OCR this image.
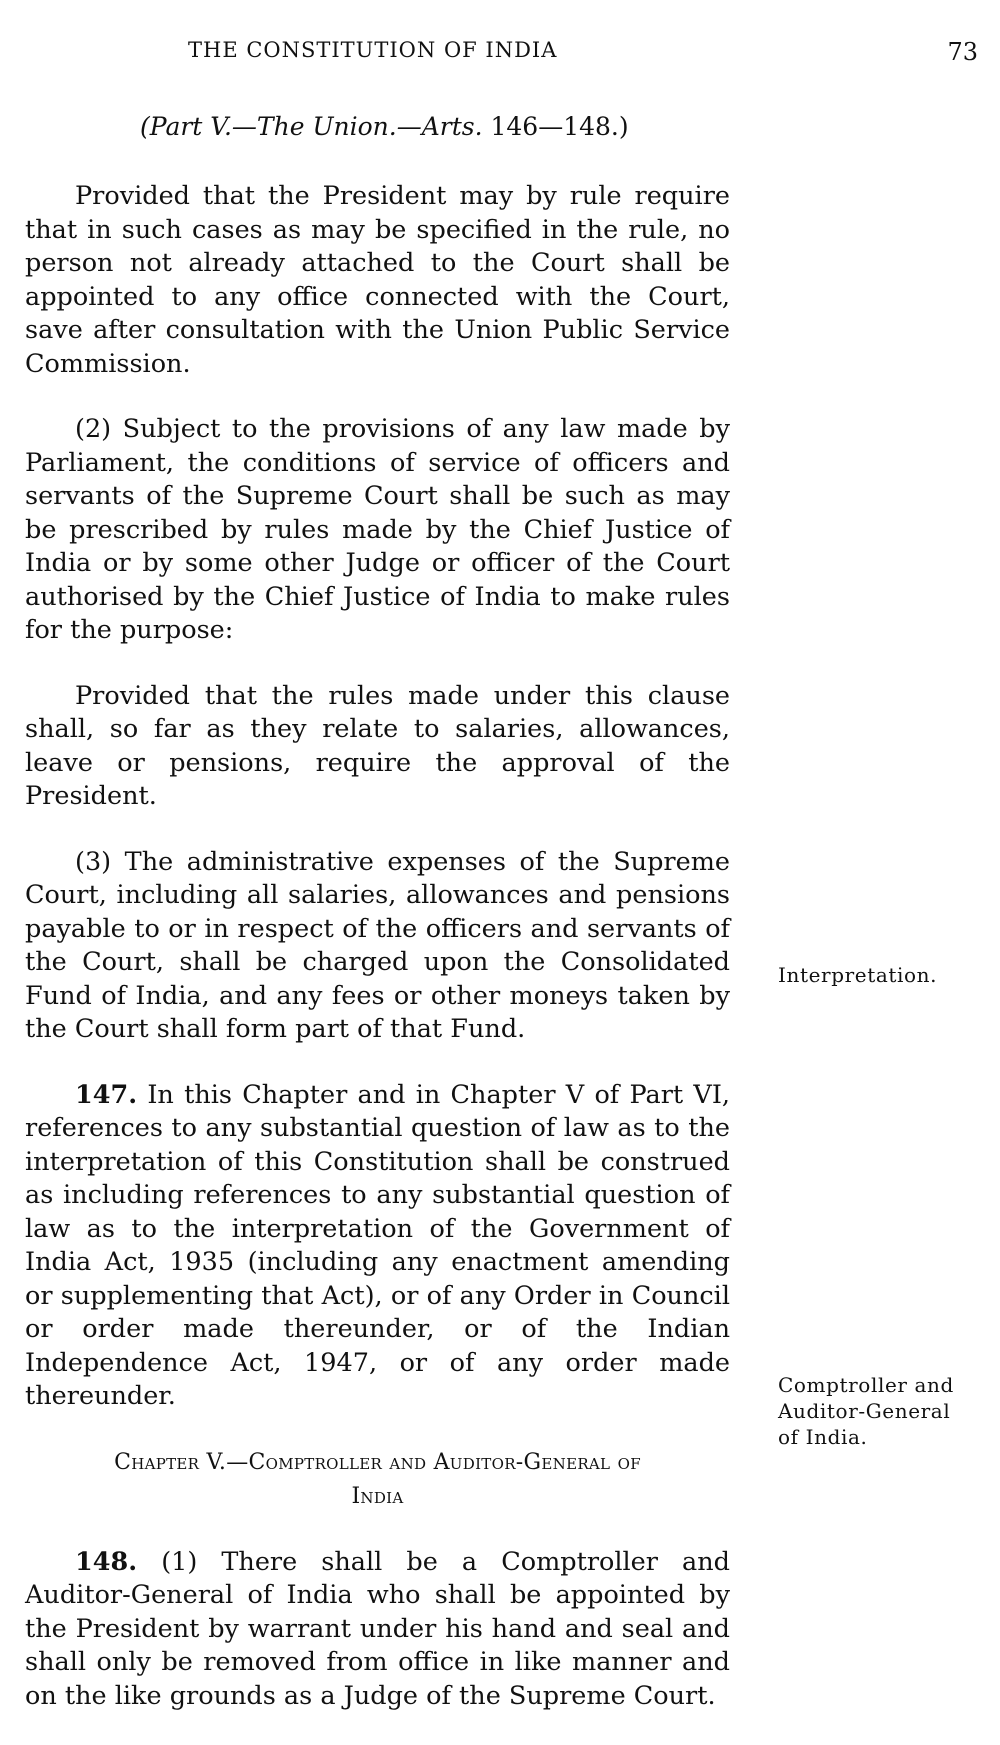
THE CONSTITUTION OF INDIA	73
(Part V.—The Union.—Arts. 146—148.)

Provided that the President may by rule require that in such cases as may be specified in the rule, no person not already attached to the Court shall be appointed to any office connected with the Court, save after consultation with the Union Public Service Commission.

(2) Subject to the provisions of any law made by Parliament, the conditions of service of officers and servants of the Supreme Court shall be such as may be prescribed by rules made by the Chief Justice of India or by some other Judge or officer of the Court authorised by the Chief Justice of India to make rules for the purpose:

Provided that the rules made under this clause shall, so far as they relate to salaries, allowances, leave or pensions, require the approval of the President.

(3) The administrative expenses of the Supreme Court, including all salaries, allowances and pensions payable to or in respect of the officers and servants of the Court, shall be charged upon the Consolidated Fund of India, and any fees or other moneys taken by the Court shall form part of that Fund.

147. In this Chapter and in Chapter V of Part VI, references to any substantial question of law as to the interpretation of this Constitution shall be construed as including references to any substantial question of law as to the interpretation of the Government of India Act, 1935 (including any enactment amending or supplementing that Act), or of any Order in Council or order made thereunder, or of the Indian Independence Act, 1947, or of any order made thereunder.

Chapter V.—Comptroller and Auditor-General of
India

148. (1) There shall be a Comptroller and Auditor-General of India who shall be appointed by the President by warrant under his hand and seal and shall only be removed from office in like manner and on the like grounds as a Judge of the Supreme Court.

Interpretation.
Comptroller and
Auditor-General
of India.
